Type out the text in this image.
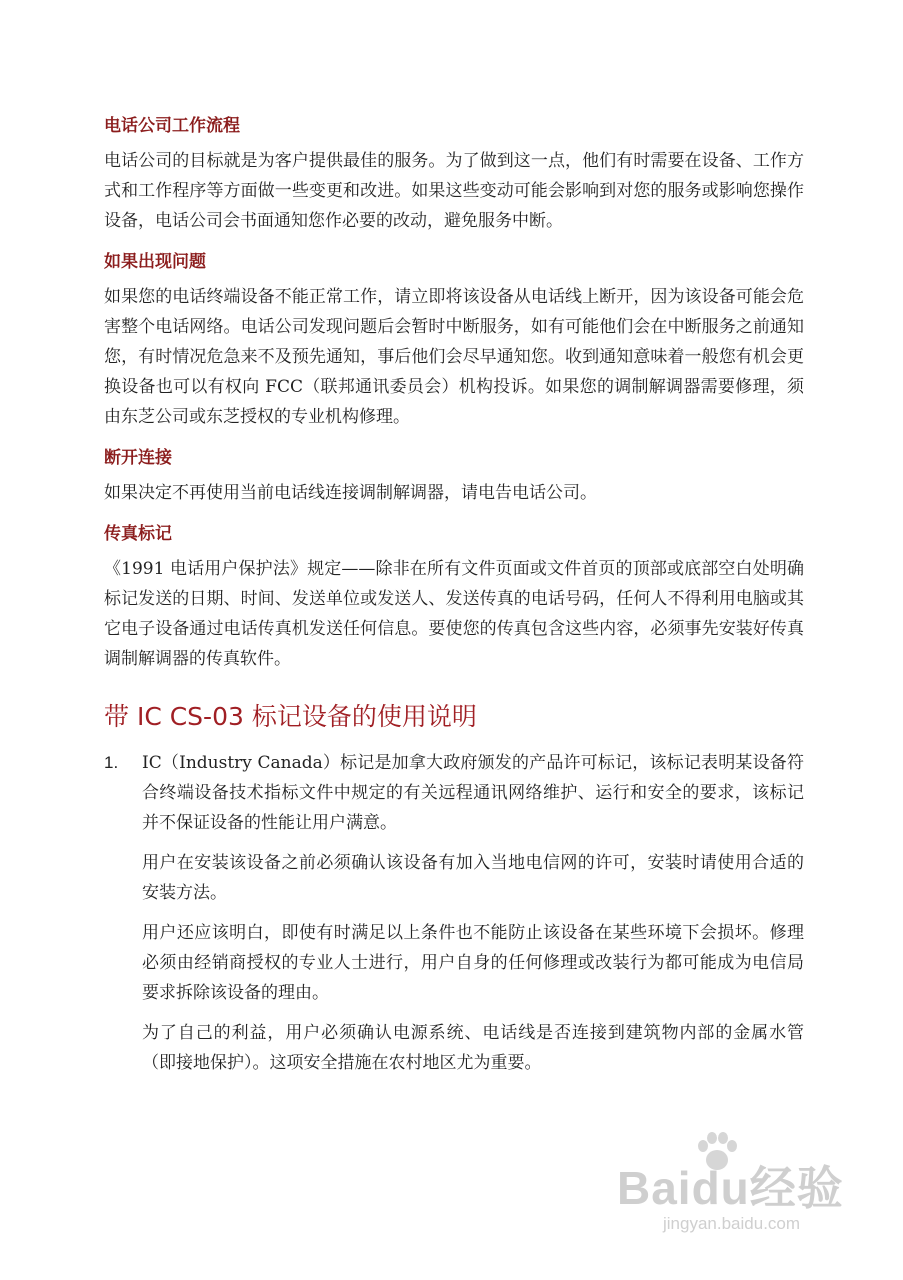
电话公司工作流程

电话公司的目标就是为客户提供最佳的服务。为了做到这一点，他们有时需要在设备、工作方式和工作程序等方面做一些变更和改进。如果这些变动可能会影响到对您的服务或影响您操作设备，电话公司会书面通知您作必要的改动，避免服务中断。

如果出现问题

如果您的电话终端设备不能正常工作，请立即将该设备从电话线上断开，因为该设备可能会危害整个电话网络。电话公司发现问题后会暂时中断服务，如有可能他们会在中断服务之前通知您，有时情况危急来不及预先通知，事后他们会尽早通知您。收到通知意味着一般您有机会更换设备也可以有权向 FCC（联邦通讯委员会）机构投诉。如果您的调制解调器需要修理，须由东芝公司或东芝授权的专业机构修理。

断开连接

如果决定不再使用当前电话线连接调制解调器，请电告电话公司。

传真标记

《1991 电话用户保护法》规定——除非在所有文件页面或文件首页的顶部或底部空白处明确标记发送的日期、时间、发送单位或发送人、发送传真的电话号码，任何人不得利用电脑或其它电子设备通过电话传真机发送任何信息。要使您的传真包含这些内容，必须事先安装好传真调制解调器的传真软件。

带 IC CS-03 标记设备的使用说明
1. IC（Industry Canada）标记是加拿大政府颁发的产品许可标记，该标记表明某设备符合终端设备技术指标文件中规定的有关远程通讯网络维护、运行和安全的要求，该标记并不保证设备的性能让用户满意。

用户在安装该设备之前必须确认该设备有加入当地电信网的许可，安装时请使用合适的安装方法。

用户还应该明白，即使有时满足以上条件也不能防止该设备在某些环境下会损坏。修理必须由经销商授权的专业人士进行，用户自身的任何修理或改装行为都可能成为电信局要求拆除该设备的理由。

为了自己的利益，用户必须确认电源系统、电话线是否连接到建筑物内部的金属水管（即接地保护）。这项安全措施在农村地区尤为重要。

Baidu经验
jingyan.baidu.com
